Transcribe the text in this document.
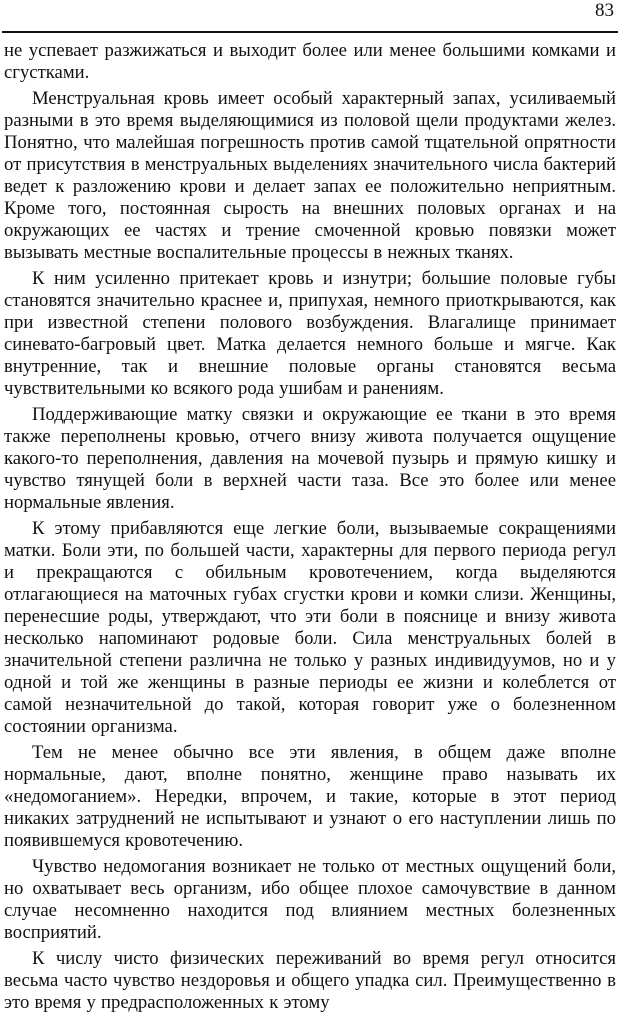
83

не успевает разжижаться и выходит более или менее большими комками и сгустками.

Менструальная кровь имеет особый характерный запах, усиливаемый разными в это время выделяющимися из половой щели продуктами желез. Понятно, что малейшая погрешность против самой тщательной опрятности от присутствия в менструальных выделениях значительного числа бактерий ведет к разложению крови и делает запах ее положительно неприятным. Кроме того, постоянная сырость на внешних половых органах и на окружающих ее частях и трение смоченной кровью повязки может вызывать местные воспалительные процессы в нежных тканях.

К ним усиленно притекает кровь и изнутри; большие половые губы становятся значительно краснее и, припухая, немного приоткрываются, как при известной степени полового возбуждения. Влагалище принимает синевато-багровый цвет. Матка делается немного больше и мягче. Как внутренние, так и внешние половые органы становятся весьма чувствительными ко всякого рода ушибам и ранениям.

Поддерживающие матку связки и окружающие ее ткани в это время также переполнены кровью, отчего внизу живота получается ощущение какого-то переполнения, давления на мочевой пузырь и прямую кишку и чувство тянущей боли в верхней части таза. Все это более или менее нормальные явления.

К этому прибавляются еще легкие боли, вызываемые сокращениями матки. Боли эти, по большей части, характерны для первого периода регул и прекращаются с обильным кровотечением, когда выделяются отлагающиеся на маточных губах сгустки крови и комки слизи. Женщины, перенесшие роды, утверждают, что эти боли в пояснице и внизу живота несколько напоминают родовые боли. Сила менструальных болей в значительной степени различна не только у разных индивидуумов, но и у одной и той же женщины в разные периоды ее жизни и колеблется от самой незначительной до такой, которая говорит уже о болезненном состоянии организма.

Тем не менее обычно все эти явления, в общем даже вполне нормальные, дают, вполне понятно, женщине право называть их «недомоганием». Нередки, впрочем, и такие, которые в этот период никаких затруднений не испытывают и узнают о его наступлении лишь по появившемуся кровотечению.

Чувство недомогания возникает не только от местных ощущений боли, но охватывает весь организм, ибо общее плохое самочувствие в данном случае несомненно находится под влиянием местных болезненных восприятий.

К числу чисто физических переживаний во время регул относится весьма часто чувство нездоровья и общего упадка сил. Преимущественно в это время у предрасположенных к этому
